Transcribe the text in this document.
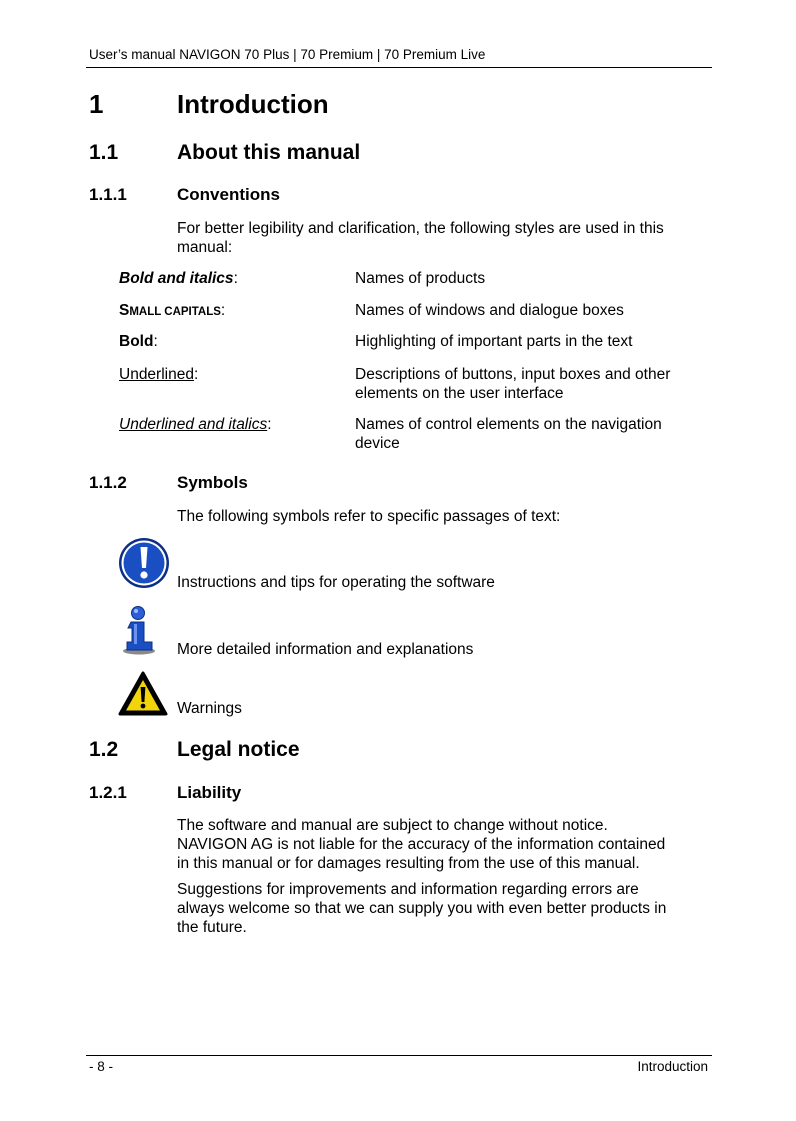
User’s manual NAVIGON 70 Plus | 70 Premium | 70 Premium Live
1	Introduction
1.1	About this manual
1.1.1	Conventions
For better legibility and clarification, the following styles are used in this
manual:
Bold and italics:	Names of products
SMALL CAPITALS:	Names of windows and dialogue boxes
Bold:	Highlighting of important parts in the text
Underlined:	Descriptions of buttons, input boxes and other
elements on the user interface
Underlined and italics:	Names of control elements on the navigation
device
1.1.2	Symbols
The following symbols refer to specific passages of text:
Instructions and tips for operating the software
More detailed information and explanations
Warnings
1.2	Legal notice
1.2.1	Liability
The software and manual are subject to change without notice.
NAVIGON AG is not liable for the accuracy of the information contained
in this manual or for damages resulting from the use of this manual.
Suggestions for improvements and information regarding errors are
always welcome so that we can supply you with even better products in
the future.
- 8 -	Introduction
